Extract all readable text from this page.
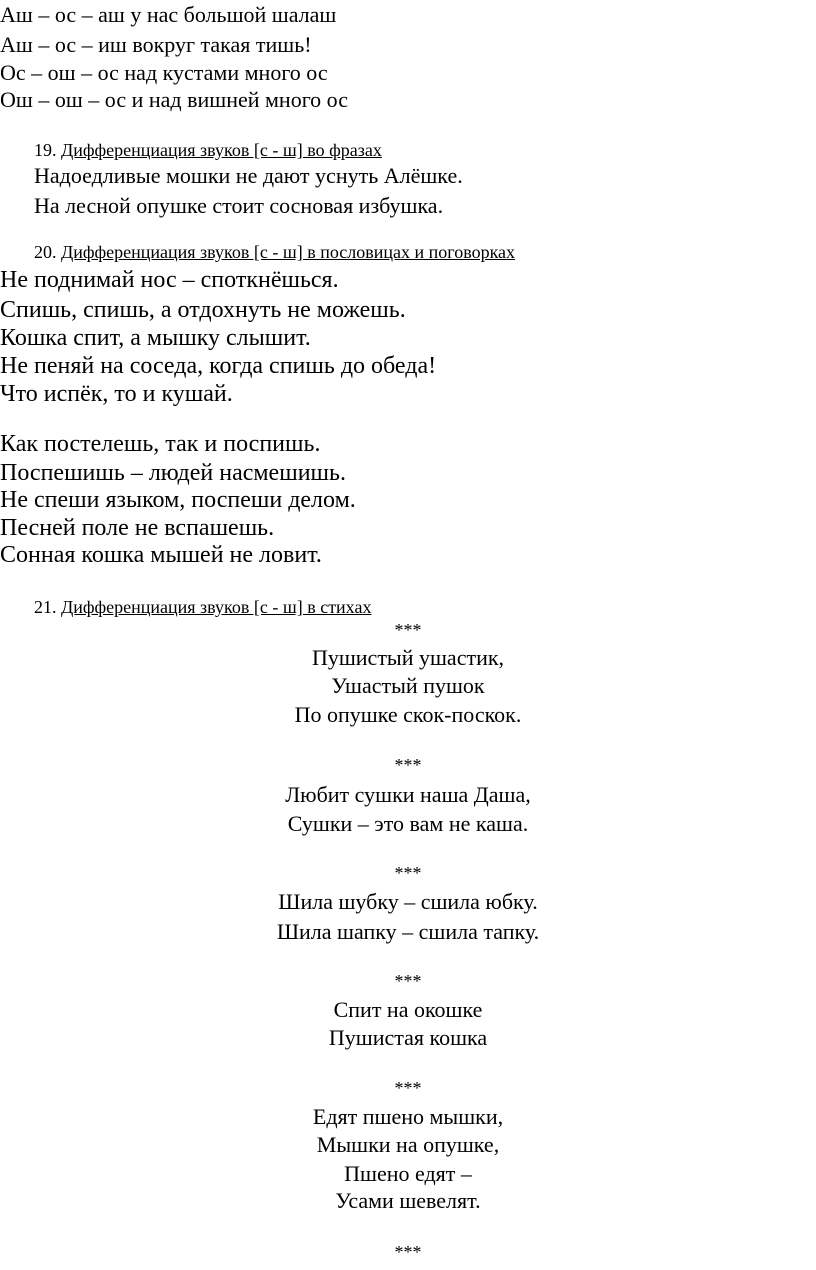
Аш – ос – аш у нас большой шалаш
Аш – ос – иш вокруг такая тишь!
Ос – ош – ос над кустами много ос
Ош – ош – ос и над вишней много ос
19. Дифференциация звуков [с - ш] во фразах
Надоедливые мошки не дают уснуть Алёшке.
На лесной опушке стоит сосновая избушка.
20. Дифференциация звуков [с - ш] в пословицах и поговорках
Не поднимай нос – споткнёшься.
Спишь, спишь, а отдохнуть не можешь.
Кошка спит, а мышку слышит.
Не пеняй на соседа, когда спишь до обеда!
Что испёк, то и кушай.
Как постелешь, так и поспишь.
Поспешишь – людей насмешишь.
Не спеши языком, поспеши делом.
Песней поле не вспашешь.
Сонная кошка мышей не ловит.
21. Дифференциация звуков [с - ш] в стихах
***
Пушистый ушастик,
Ушастый пушок
По опушке скок-поскок.
***
Любит сушки наша Даша,
Сушки – это вам не каша.
***
Шила шубку – сшила юбку.
Шила шапку – сшила тапку.
***
Спит на окошке
Пушистая кошка
***
Едят пшено мышки,
Мышки на опушке,
Пшено едят –
Усами шевелят.
***
